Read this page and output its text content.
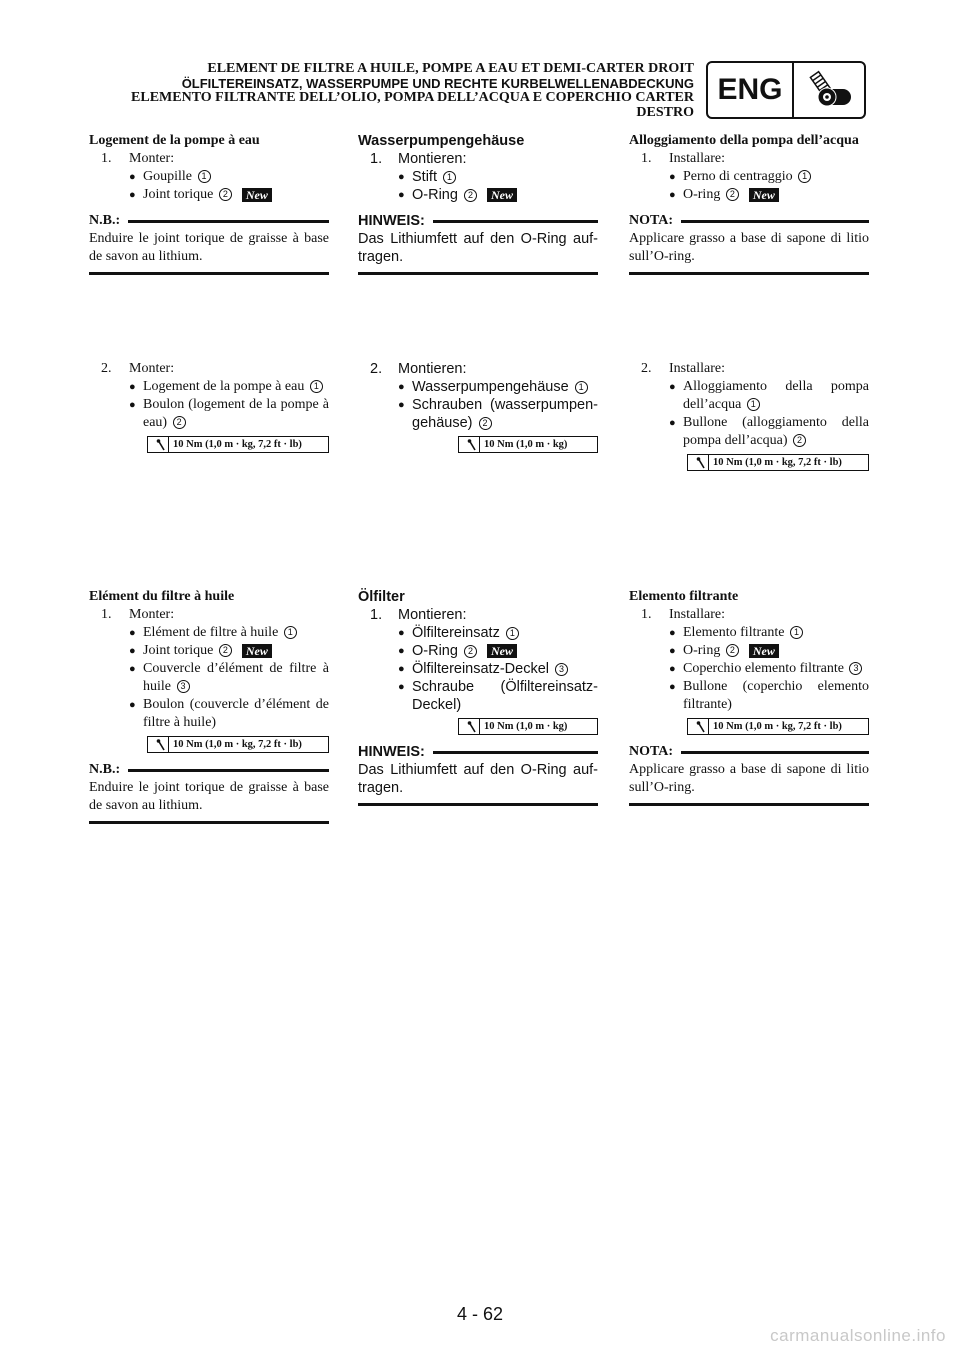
ELEMENT DE FILTRE A HUILE, POMPE A EAU ET DEMI-CARTER DROIT
ÖLFILTEREINSATZ, WASSERPUMPE UND RECHTE KURBELWELLENABDECKUNG
ELEMENTO FILTRANTE DELL’OLIO, POMPA DELL’ACQUA E COPERCHIO CARTER
DESTRO
ENG
Logement de la pompe à eau
1.	Monter:
● Goupille 1
● Joint torique 2 New
N.B.:
Enduire le joint torique de graisse à base de savon au lithium.
2.	Monter:
● Logement de la pompe à eau 1
● Boulon (logement de la pompe à eau) 2
10 Nm (1,0 m · kg, 7,2 ft · lb)
Elément du filtre à huile
1.	Monter:
● Elément de filtre à huile 1
● Joint torique 2 New
● Couvercle d’élément de filtre à huile 3
● Boulon (couvercle d’élément de filtre à huile)
10 Nm (1,0 m · kg, 7,2 ft · lb)
N.B.:
Enduire le joint torique de graisse à base de savon au lithium.
Wasserpumpengehäuse
1.	Montieren:
● Stift 1
● O-Ring 2 New
HINWEIS:
Das Lithiumfett auf den O-Ring auf-tragen.
2.	Montieren:
● Wasserpumpengehäuse 1
● Schrauben (wasserpumpen-gehäuse) 2
10 Nm (1,0 m · kg)
Ölfilter
1.	Montieren:
● Ölfiltereinsatz 1
● O-Ring 2 New
● Ölfiltereinsatz-Deckel 3
● Schraube (Ölfiltereinsatz-Deckel)
10 Nm (1,0 m · kg)
HINWEIS:
Das Lithiumfett auf den O-Ring auf-tragen.
Alloggiamento della pompa dell’acqua
1.	Installare:
● Perno di centraggio 1
● O-ring 2 New
NOTA:
Applicare grasso a base di sapone di litio sull’O-ring.
2.	Installare:
● Alloggiamento della pompa dell’acqua 1
● Bullone (alloggiamento della pompa dell’acqua) 2
10 Nm (1,0 m · kg, 7,2 ft · lb)
Elemento filtrante
1.	Installare:
● Elemento filtrante 1
● O-ring 2 New
● Coperchio elemento filtrante 3
● Bullone (coperchio elemento filtrante)
10 Nm (1,0 m · kg, 7,2 ft · lb)
NOTA:
Applicare grasso a base di sapone di litio sull’O-ring.
4 - 62
carmanualsonline.info
